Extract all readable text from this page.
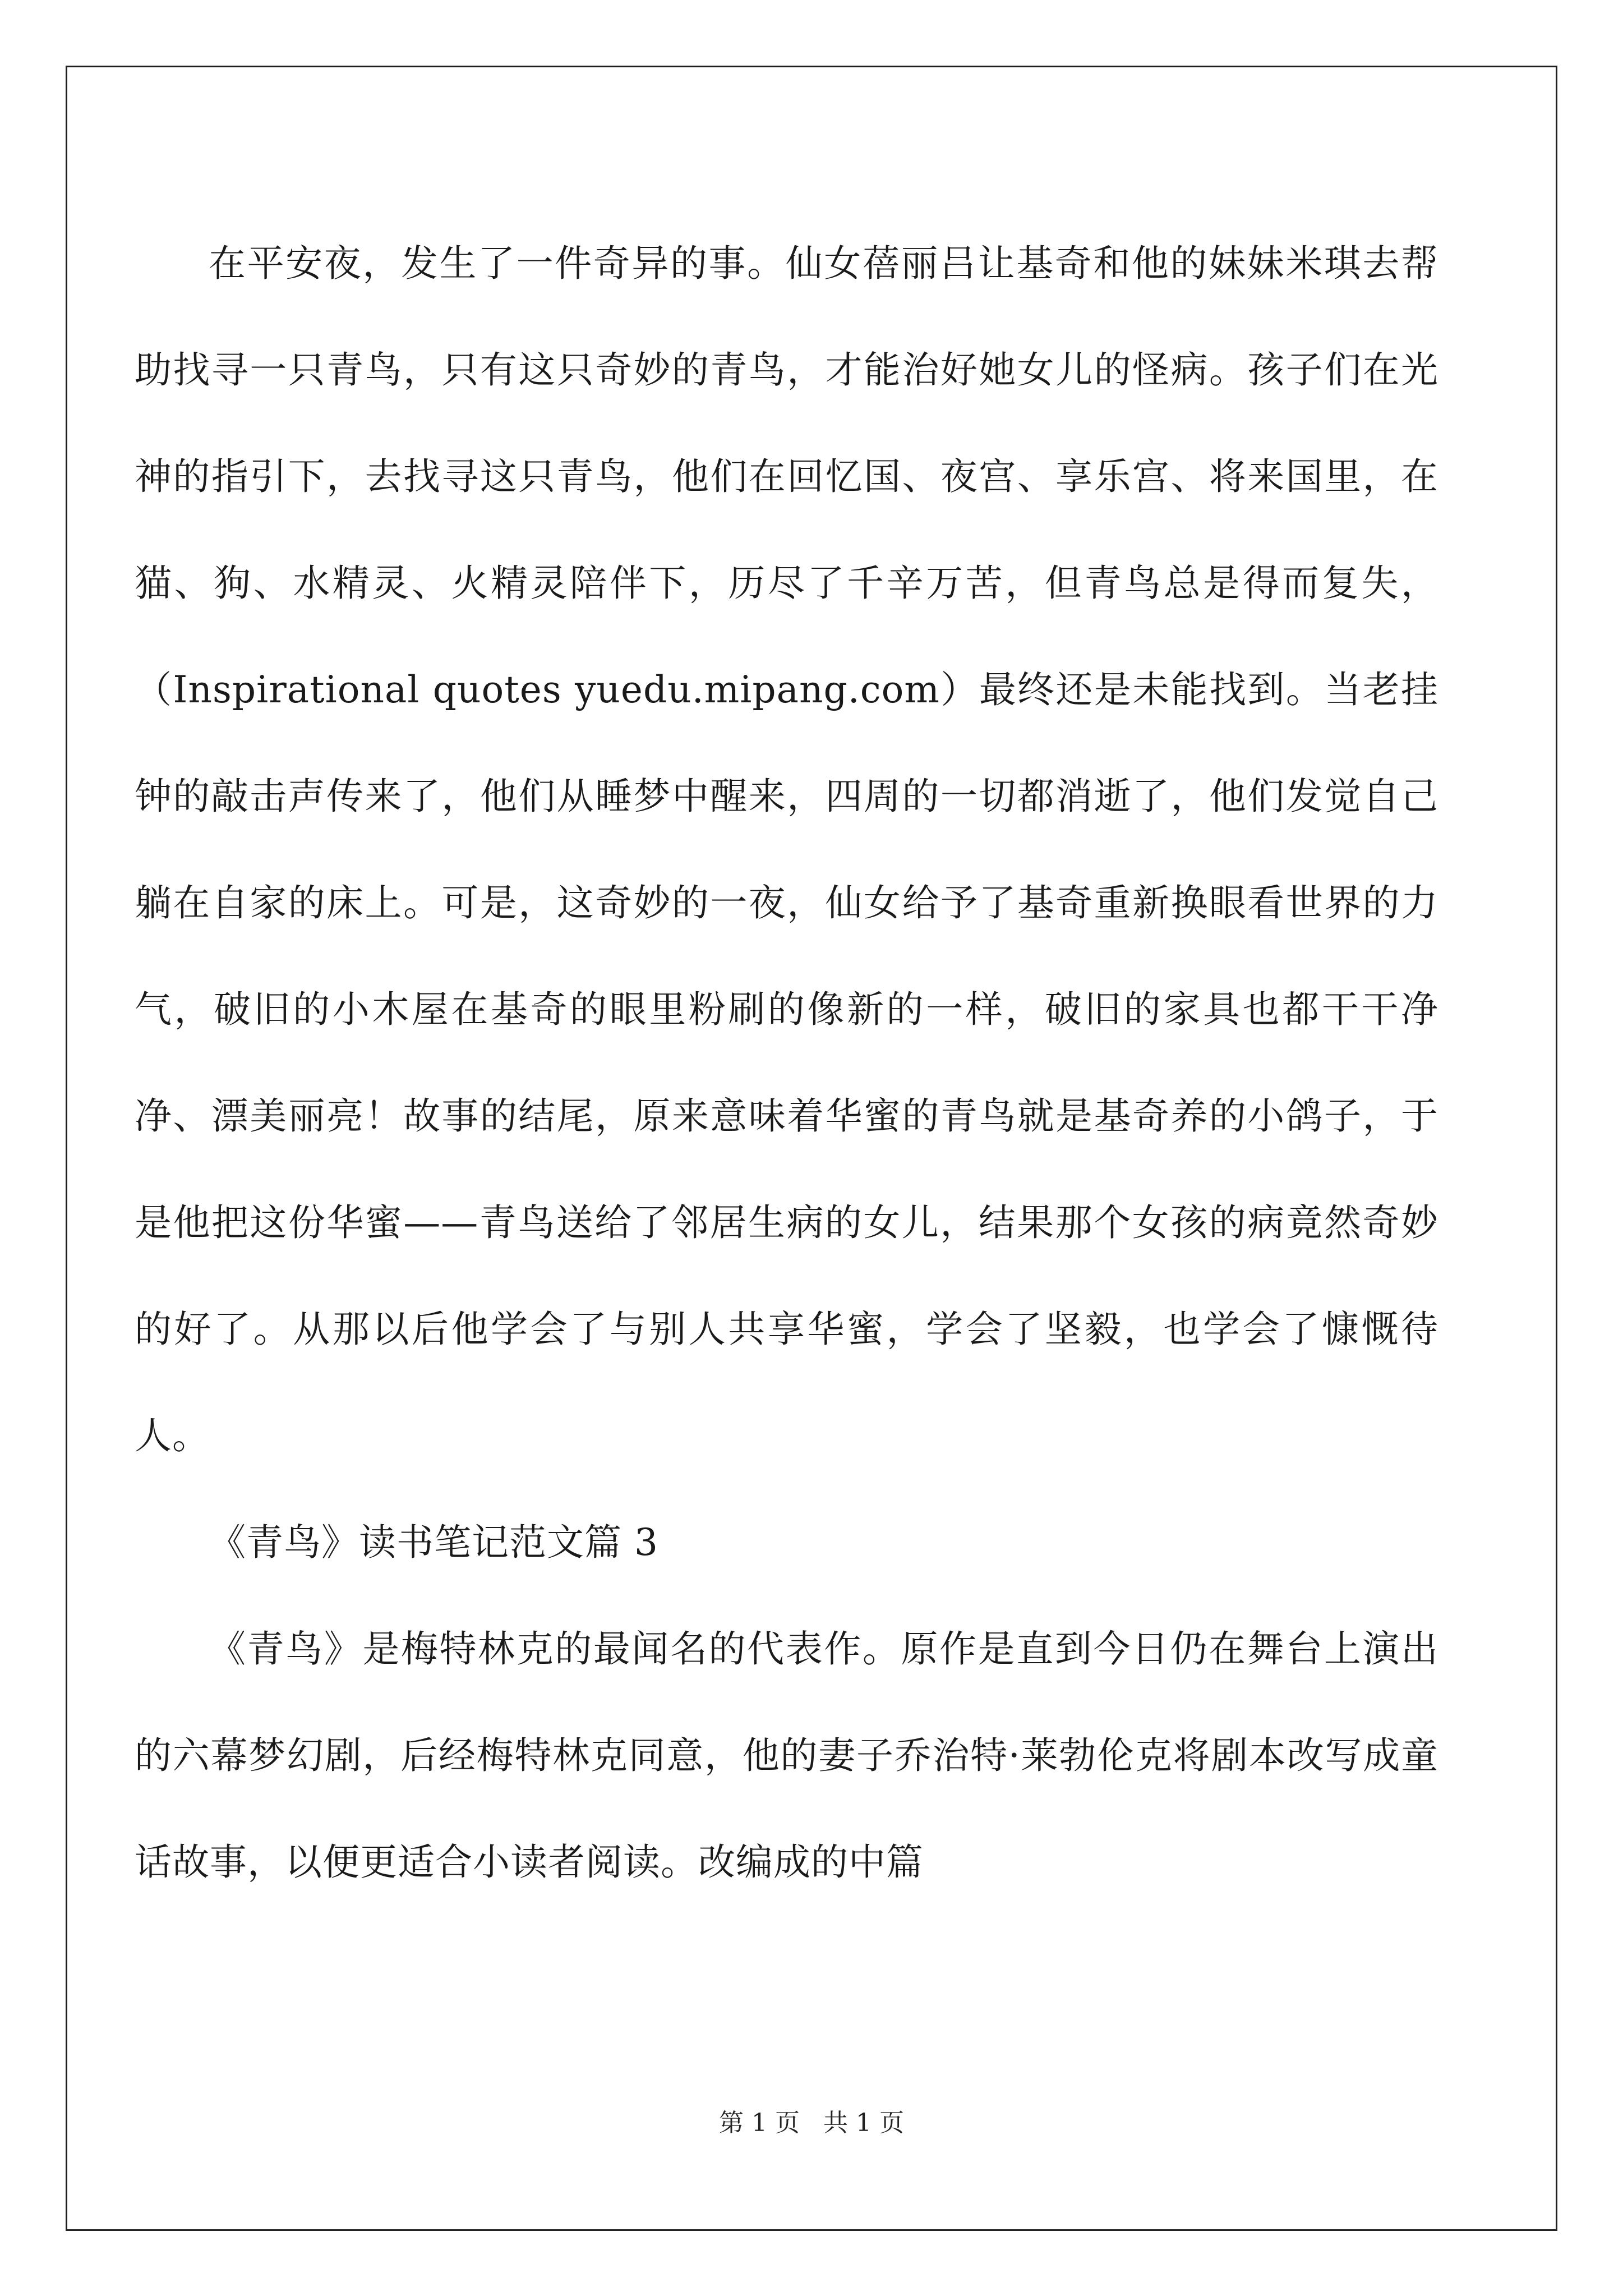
在平安夜，发生了一件奇异的事。仙女蓓丽吕让基奇和他的妹妹米琪去帮助找寻一只青鸟，只有这只奇妙的青鸟，才能治好她女儿的怪病。孩子们在光神的指引下，去找寻这只青鸟，他们在回忆国、夜宫、享乐宫、将来国里，在猫、狗、水精灵、火精灵陪伴下，历尽了千辛万苦，但青鸟总是得而复失，（Inspirational quotes yuedu.mipang.com）最终还是未能找到。当老挂钟的敲击声传来了，他们从睡梦中醒来，四周的一切都消逝了，他们发觉自己躺在自家的床上。可是，这奇妙的一夜，仙女给予了基奇重新换眼看世界的力气，破旧的小木屋在基奇的眼里粉刷的像新的一样，破旧的家具也都干干净净、漂美丽亮！故事的结尾，原来意味着华蜜的青鸟就是基奇养的小鸽子，于是他把这份华蜜——青鸟送给了邻居生病的女儿，结果那个女孩的病竟然奇妙的好了。从那以后他学会了与别人共享华蜜，学会了坚毅，也学会了慷慨待人。

《青鸟》读书笔记范文篇 3

《青鸟》是梅特林克的最闻名的代表作。原作是直到今日仍在舞台上演出的六幕梦幻剧，后经梅特林克同意，他的妻子乔治特·莱勃伦克将剧本改写成童话故事，以便更适合小读者阅读。改编成的中篇

第 1 页   共 1 页
